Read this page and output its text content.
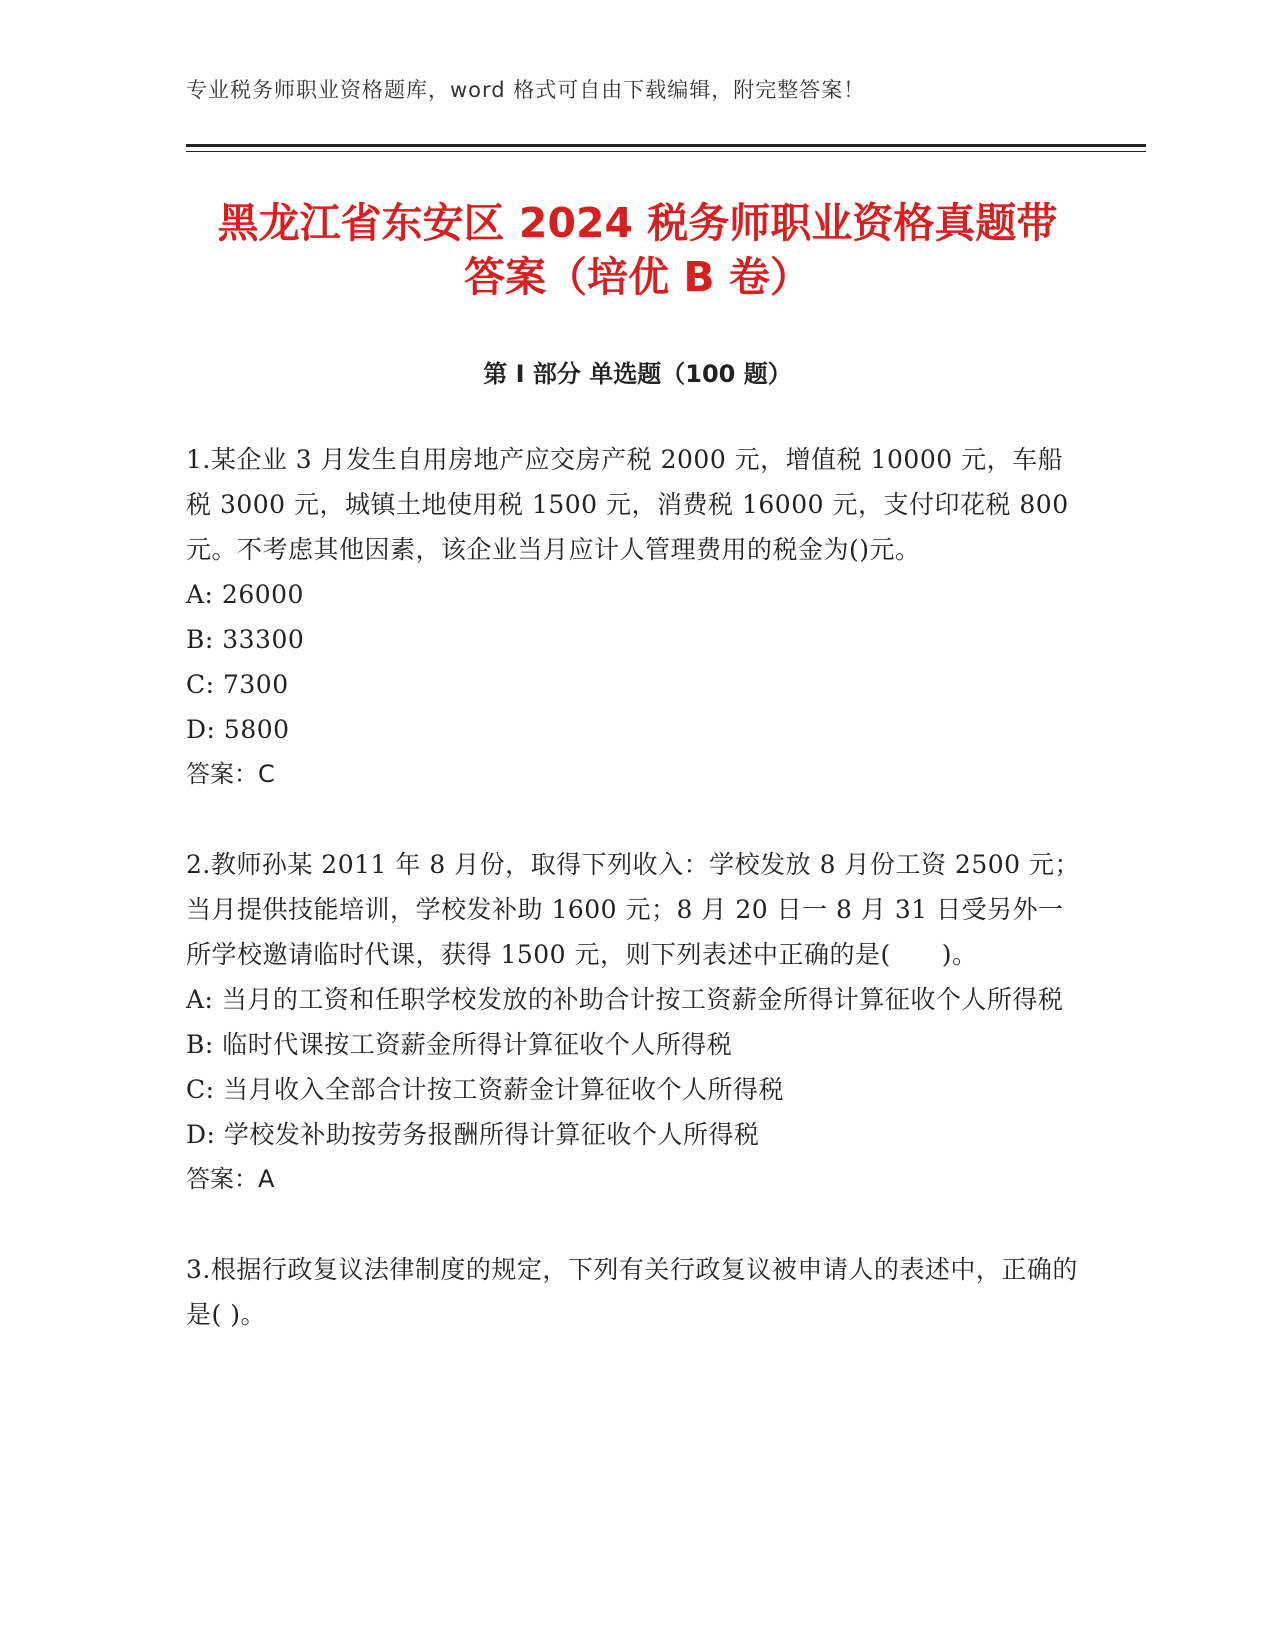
专业税务师职业资格题库，word 格式可自由下载编辑，附完整答案！
黑龙江省东安区 2024 税务师职业资格真题带
答案（培优 B 卷）
第 I 部分 单选题（100 题）
1.某企业 3 月发生自用房地产应交房产税 2000 元，增值税 10000 元，车船税 3000 元，城镇土地使用税 1500 元，消费税 16000 元，支付印花税 800 元。不考虑其他因素，该企业当月应计人管理费用的税金为()元。
A: 26000
B: 33300
C: 7300
D: 5800
答案：C
2.教师孙某 2011 年 8 月份，取得下列收入：学校发放 8 月份工资 2500 元；当月提供技能培训，学校发补助 1600 元；8 月 20 日一 8 月 31 日受另外一所学校邀请临时代课，获得 1500 元，则下列表述中正确的是(　　)。
A: 当月的工资和任职学校发放的补助合计按工资薪金所得计算征收个人所得税
B: 临时代课按工资薪金所得计算征收个人所得税
C: 当月收入全部合计按工资薪金计算征收个人所得税
D: 学校发补助按劳务报酬所得计算征收个人所得税
答案：A
3.根据行政复议法律制度的规定，下列有关行政复议被申请人的表述中，正确的是( )。
